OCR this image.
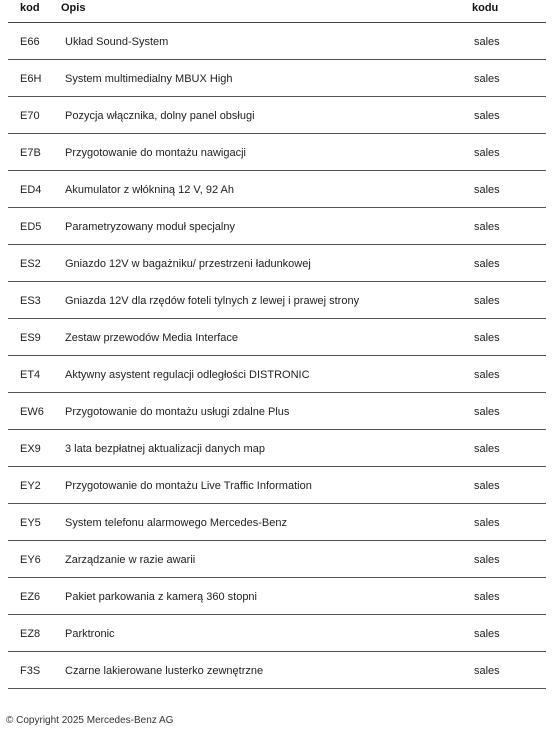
kod Opis	kodu
E66 Układ Sound-System	sales
E6H System multimedialny MBUX High	sales
E70 Pozycja włącznika, dolny panel obsługi	sales
E7B Przygotowanie do montażu nawigacji	sales
ED4 Akumulator z włókniną 12 V, 92 Ah	sales
ED5 Parametryzowany moduł specjalny	sales
ES2 Gniazdo 12V w bagażniku/ przestrzeni ładunkowej	sales
ES3 Gniazda 12V dla rzędów foteli tylnych z lewej i prawej strony	sales
ES9 Zestaw przewodów Media Interface	sales
ET4 Aktywny asystent regulacji odległości DISTRONIC	sales
EW6 Przygotowanie do montażu usługi zdalne Plus	sales
EX9 3 lata bezpłatnej aktualizacji danych map	sales
EY2 Przygotowanie do montażu Live Traffic Information	sales
EY5 System telefonu alarmowego Mercedes-Benz	sales
EY6 Zarządzanie w razie awarii	sales
EZ6 Pakiet parkowania z kamerą 360 stopni	sales
EZ8 Parktronic	sales
F3S Czarne lakierowane lusterko zewnętrzne	sales
© Copyright 2025 Mercedes-Benz AG
